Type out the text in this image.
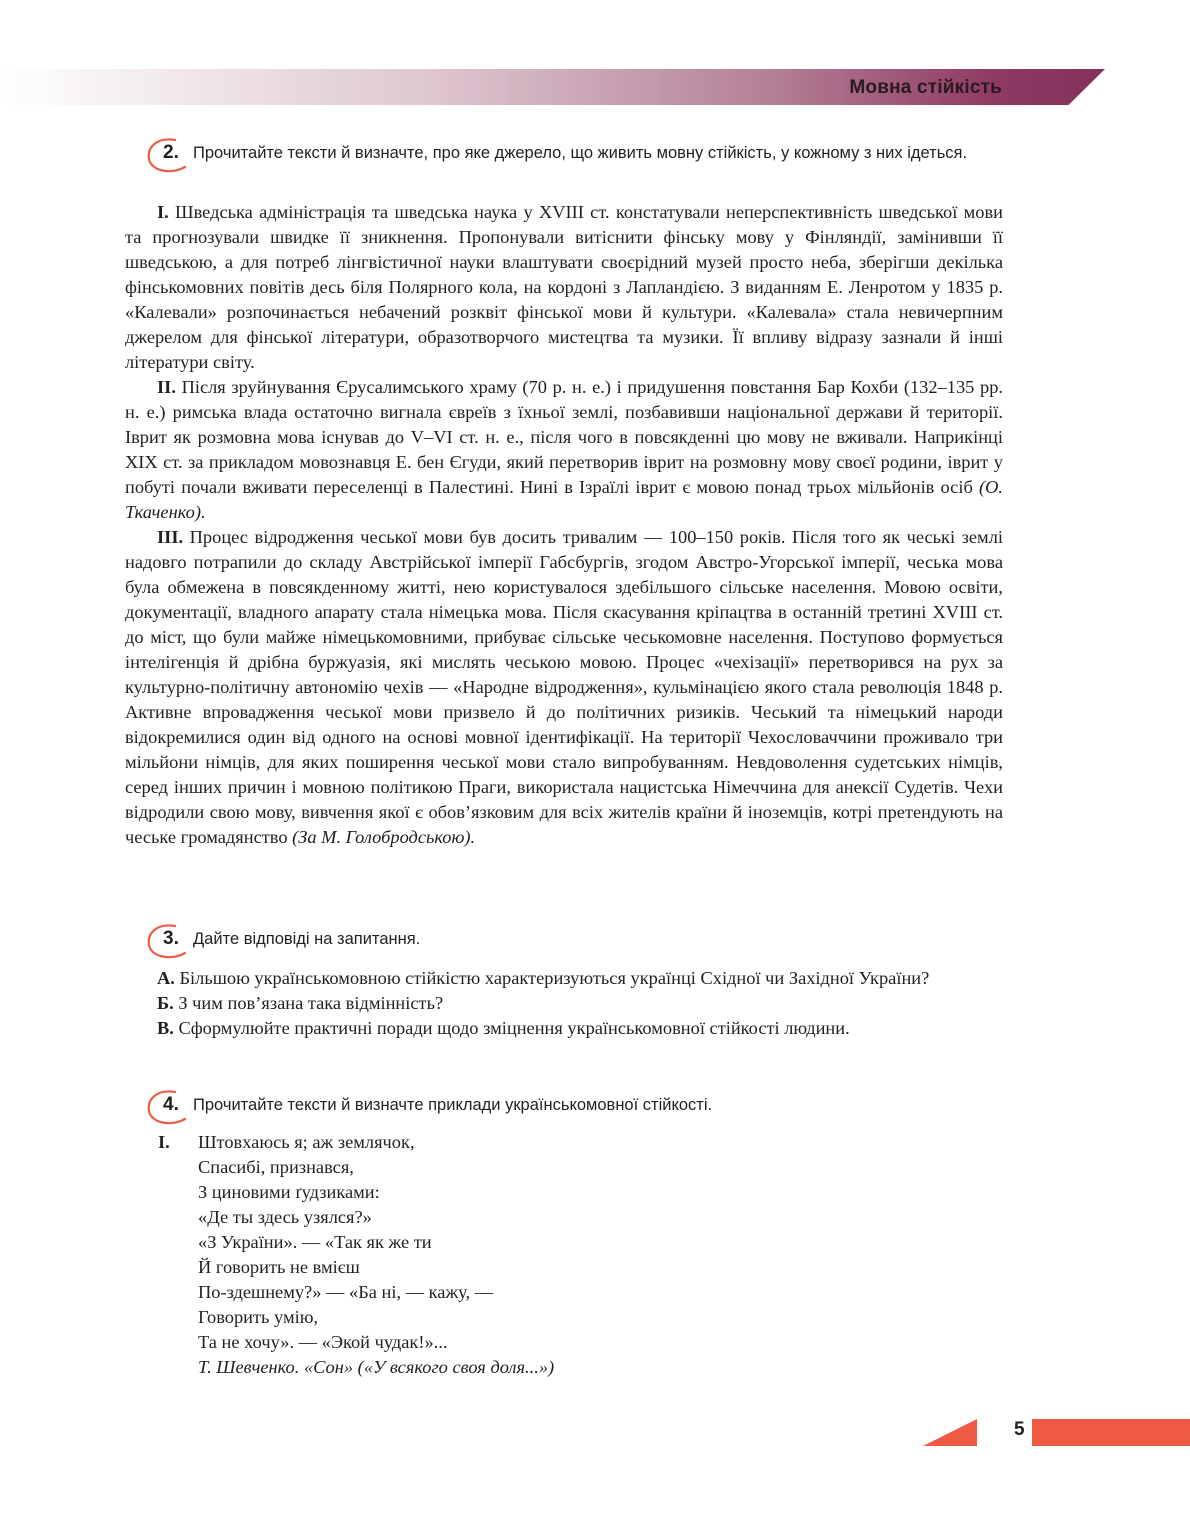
Мовна стійкість
2. Прочитайте тексти й визначте, про яке джерело, що живить мовну стійкість, у кожному з них ідеться.

I. Шведська адміністрація та шведська наука у XVIII ст. констатували неперспективність шведської мови та прогнозували швидке її зникнення. Пропонували витіснити фінську мову у Фінляндії, замінивши її шведською, а для потреб лінгвістичної науки влаштувати своєрідний музей просто неба, зберігши декілька фінськомовних повітів десь біля Полярного кола, на кордоні з Лапландією. З виданням Е. Ленротом у 1835 р. «Калевали» розпочинається небачений розквіт фінської мови й культури. «Калевала» стала невичерпним джерелом для фінської літератури, образотворчого мистецтва та музики. Її впливу відразу зазнали й інші літератури світу.

II. Після зруйнування Єрусалимського храму (70 р. н. е.) і придушення повстання Бар Кохби (132–135 рр. н. е.) римська влада остаточно вигнала євреїв з їхньої землі, позбавивши національної держави й території. Іврит як розмовна мова існував до V–VI ст. н. е., після чого в повсякденні цю мову не вживали. Наприкінці XIX ст. за прикладом мовознавця Е. бен Єгуди, який перетворив іврит на розмовну мову своєї родини, іврит у побуті почали вживати переселенці в Палестині. Нині в Ізраїлі іврит є мовою понад трьох мільйонів осіб (О. Ткаченко).

III. Процес відродження чеської мови був досить тривалим — 100–150 років. Після того як чеські землі надовго потрапили до складу Австрійської імперії Габсбургів, згодом Австро-Угорської імперії, чеська мова була обмежена в повсякденному житті, нею користувалося здебільшого сільське населення. Мовою освіти, документації, владного апарату стала німецька мова. Після скасування кріпацтва в останній третині XVIII ст. до міст, що були майже німецькомовними, прибуває сільське чеськомовне населення. Поступово формується інтелігенція й дрібна буржуазія, які мислять чеською мовою. Процес «чехізації» перетворився на рух за культурно-політичну автономію чехів — «Народне відродження», кульмінацією якого стала революція 1848 р. Активне впровадження чеської мови призвело й до політичних ризиків. Чеський та німецький народи відокремилися один від одного на основі мовної ідентифікації. На території Чехословаччини проживало три мільйони німців, для яких поширення чеської мови стало випробуванням. Невдоволення судетських німців, серед інших причин і мовною політикою Праги, використала нацистська Німеччина для анексії Судетів. Чехи відродили свою мову, вивчення якої є обов’язковим для всіх жителів країни й іноземців, котрі претендують на чеське громадянство (За М. Голобродською).

3. Дайте відповіді на запитання.

А. Більшою українськомовною стійкістю характеризуються українці Східної чи Західної України?

Б. З чим пов’язана така відмінність?

В. Сформулюйте практичні поради щодо зміцнення українськомовної стійкості людини.

4. Прочитайте тексти й визначте приклади українськомовної стійкості.
I. Штовхаюсь я; аж землячок,
Спасибі, признався,
З циновими ґудзиками:
«Де ты здесь узялся?»
«З України». — «Так як же ти
Й говорить не вмієш
По-здешнему?» — «Ба ні, — кажу, —
Говорить умію,
Та не хочу». — «Экой чудак!»...
Т. Шевченко. «Сон» («У всякого своя доля...»)
5
